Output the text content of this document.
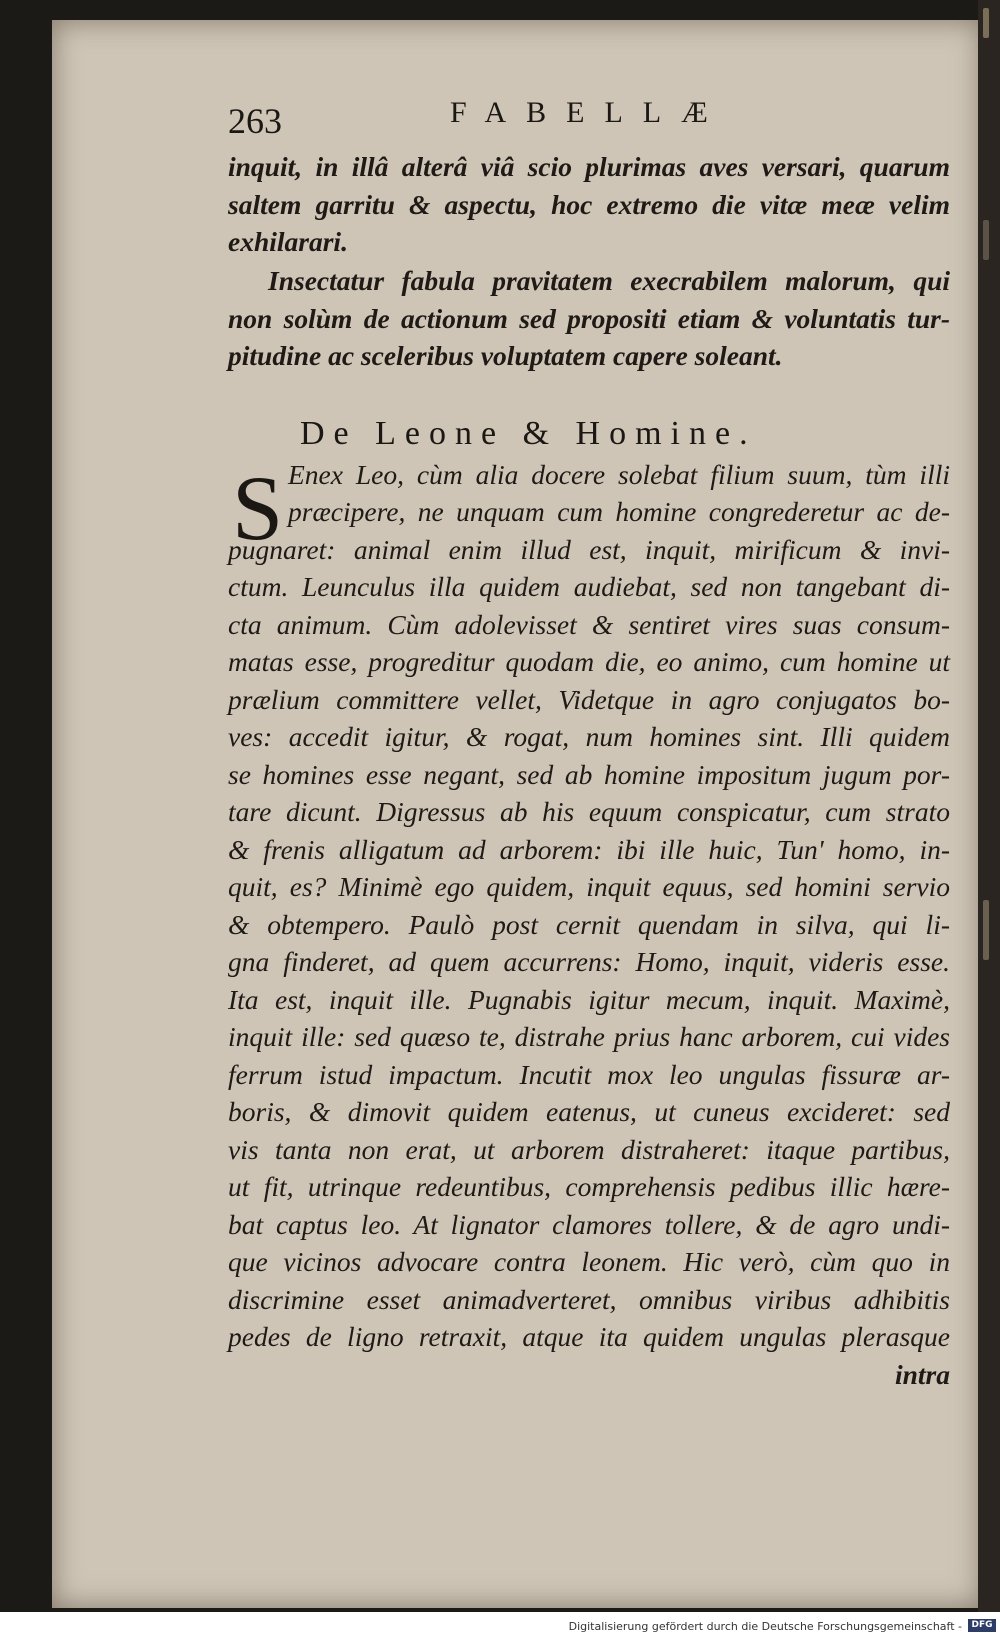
263	FABELLÆ
inquit, in illâ alterâ viâ scio plurimas aves versari, quarum
saltem garritu & aspectu, hoc extremo die vitæ meæ velim
exhilarari.
Insectatur fabula pravitatem execrabilem malorum, qui
non solùm de actionum sed propositi etiam & voluntatis tur-
pitudine ac sceleribus voluptatem capere soleant.
De Leone & Homine.
S Enex Leo, cùm alia docere solebat filium suum, tùm illi
præcipere, ne unquam cum homine congrederetur ac de-
pugnaret: animal enim illud est, inquit, mirificum & invi-
ctum. Leunculus illa quidem audiebat, sed non tangebant di-
cta animum. Cùm adolevisset & sentiret vires suas consum-
matas esse, progreditur quodam die, eo animo, cum homine ut
prælium committere vellet, Videtque in agro conjugatos bo-
ves: accedit igitur, & rogat, num homines sint. Illi quidem
se homines esse negant, sed ab homine impositum jugum por-
tare dicunt. Digressus ab his equum conspicatur, cum strato
& frenis alligatum ad arborem: ibi ille huic, Tun' homo, in-
quit, es? Minimè ego quidem, inquit equus, sed homini servio
& obtempero. Paulò post cernit quendam in silva, qui li-
gna finderet, ad quem accurrens: Homo, inquit, videris esse.
Ita est, inquit ille. Pugnabis igitur mecum, inquit. Maximè,
inquit ille: sed quæso te, distrahe prius hanc arborem, cui vides
ferrum istud impactum. Incutit mox leo ungulas fissuræ ar-
boris, & dimovit quidem eatenus, ut cuneus excideret: sed
vis tanta non erat, ut arborem distraheret: itaque partibus,
ut fit, utrinque redeuntibus, comprehensis pedibus illic hære-
bat captus leo. At lignator clamores tollere, & de agro undi-
que vicinos advocare contra leonem. Hic verò, cùm quo in
discrimine esset animadverteret, omnibus viribus adhibitis
pedes de ligno retraxit, atque ita quidem ungulas plerasque
intra
Digitalisierung gefördert durch die Deutsche Forschungsgemeinschaft -	DFG
